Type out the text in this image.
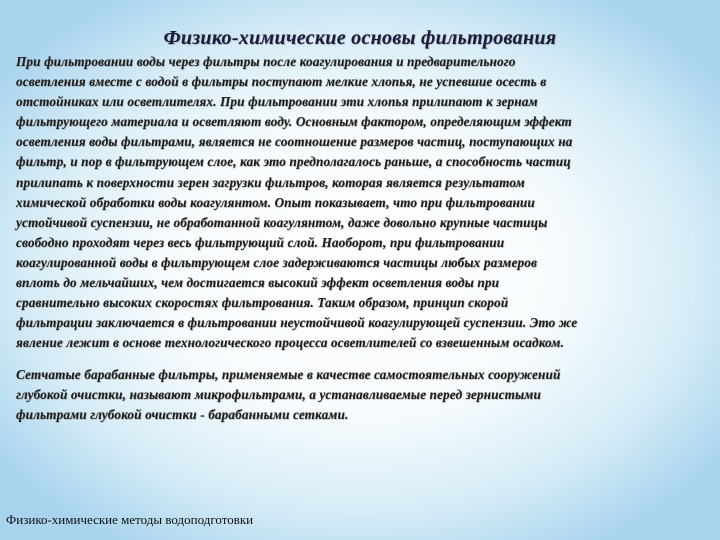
Физико-химические основы фильтрования
При фильтровании воды через фильтры после коагулирования и предварительного
осветления вместе с водой в фильтры поступают мелкие хлопья, не успевшие осесть в
отстойниках или осветлителях. При фильтровании эти хлопья прилипают к зернам
фильтрующего материала и осветляют воду. Основным фактором, определяющим эффект
осветления воды фильтрами, является не соотношение размеров частиц, поступающих на
фильтр, и пор в фильтрующем слое, как это предполагалось раньше, а способность частиц
прилипать к поверхности зерен загрузки фильтров, которая является результатом
химической обработки воды коагулянтом. Опыт показывает, что при фильтровании
устойчивой суспензии, не обработанной коагулянтом, даже довольно крупные частицы
свободно проходят через весь фильтрующий слой. Наоборот, при фильтровании
коагулированной воды в фильтрующем слое задерживаются частицы любых размеров
вплоть до мельчайших, чем достигается высокий эффект осветления воды при
сравнительно высоких скоростях фильтрования. Таким образом, принцип скорой
фильтрации заключается в фильтровании неустойчивой коагулирующей суспензии. Это же
явление лежит в основе технологического процесса осветлителей со взвешенным осадком.
Сетчатые барабанные фильтры, применяемые в качестве самостоятельных сооружений
глубокой очистки, называют микрофильтрами, а устанавливаемые перед зернистыми
фильтрами глубокой очистки - барабанными сетками.
Физико-химические методы водоподготовки
